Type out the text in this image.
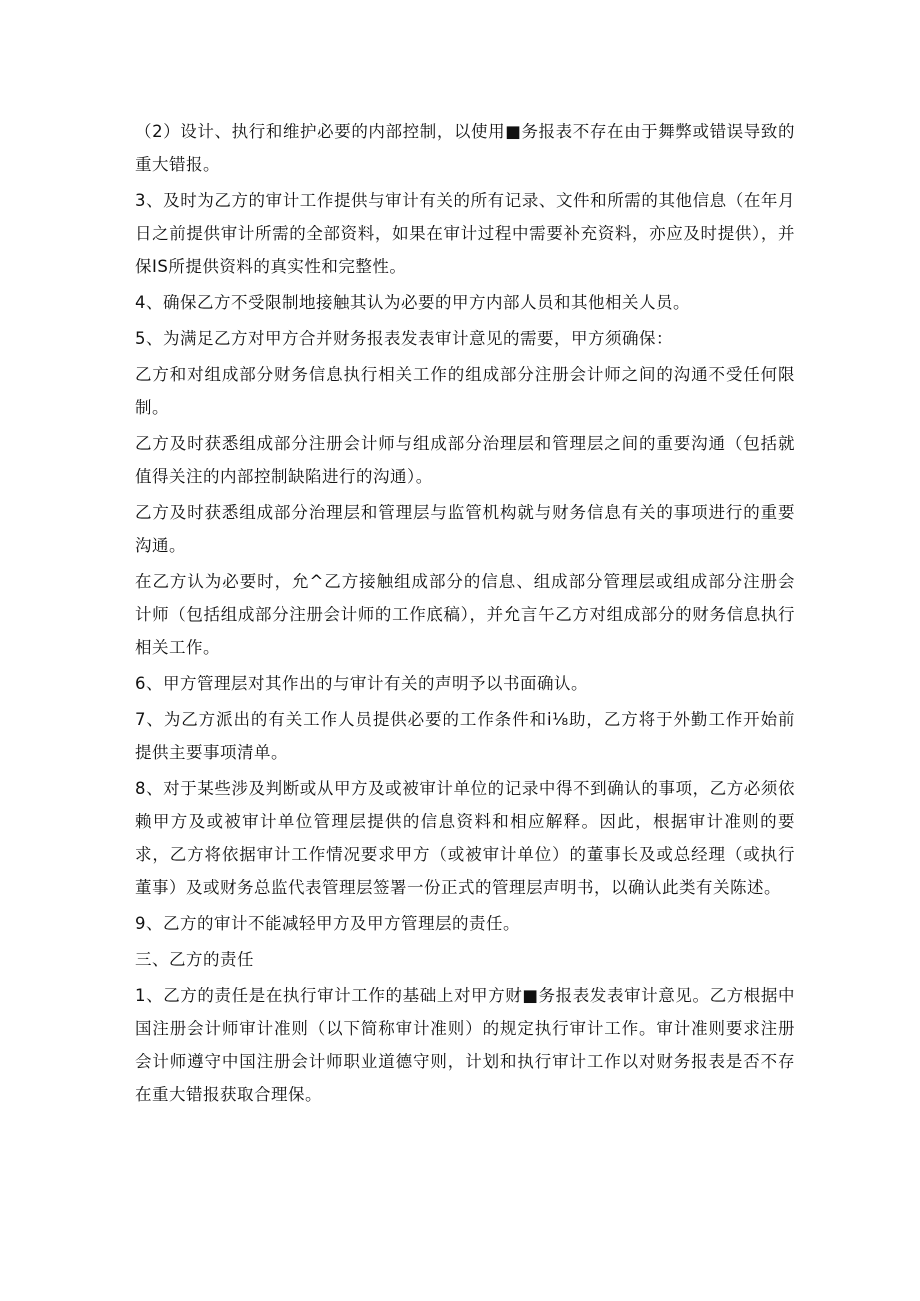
（2）设计、执行和维护必要的内部控制，以使用■务报表不存在由于舞弊或错误导致的重大错报。

3、及时为乙方的审计工作提供与审计有关的所有记录、文件和所需的其他信息（在年月日之前提供审计所需的全部资料，如果在审计过程中需要补充资料，亦应及时提供），并保IS所提供资料的真实性和完整性。

4、确保乙方不受限制地接触其认为必要的甲方内部人员和其他相关人员。

5、为满足乙方对甲方合并财务报表发表审计意见的需要，甲方须确保：

乙方和对组成部分财务信息执行相关工作的组成部分注册会计师之间的沟通不受任何限制。

乙方及时获悉组成部分注册会计师与组成部分治理层和管理层之间的重要沟通（包括就值得关注的内部控制缺陷进行的沟通）。

乙方及时获悉组成部分治理层和管理层与监管机构就与财务信息有关的事项进行的重要沟通。

在乙方认为必要时，允^乙方接触组成部分的信息、组成部分管理层或组成部分注册会计师（包括组成部分注册会计师的工作底稿），并允言午乙方对组成部分的财务信息执行相关工作。

6、甲方管理层对其作出的与审计有关的声明予以书面确认。

7、为乙方派出的有关工作人员提供必要的工作条件和i⅛助，乙方将于外勤工作开始前提供主要事项清单。

8、对于某些涉及判断或从甲方及或被审计单位的记录中得不到确认的事项，乙方必须依赖甲方及或被审计单位管理层提供的信息资料和相应解释。因此，根据审计准则的要求，乙方将依据审计工作情况要求甲方（或被审计单位）的董事长及或总经理（或执行董事）及或财务总监代表管理层签署一份正式的管理层声明书，以确认此类有关陈述。

9、乙方的审计不能减轻甲方及甲方管理层的责任。

三、乙方的责任

1、乙方的责任是在执行审计工作的基础上对甲方财■务报表发表审计意见。乙方根据中国注册会计师审计准则（以下简称审计准则）的规定执行审计工作。审计准则要求注册会计师遵守中国注册会计师职业道德守则，计划和执行审计工作以对财务报表是否不存在重大错报获取合理保。
